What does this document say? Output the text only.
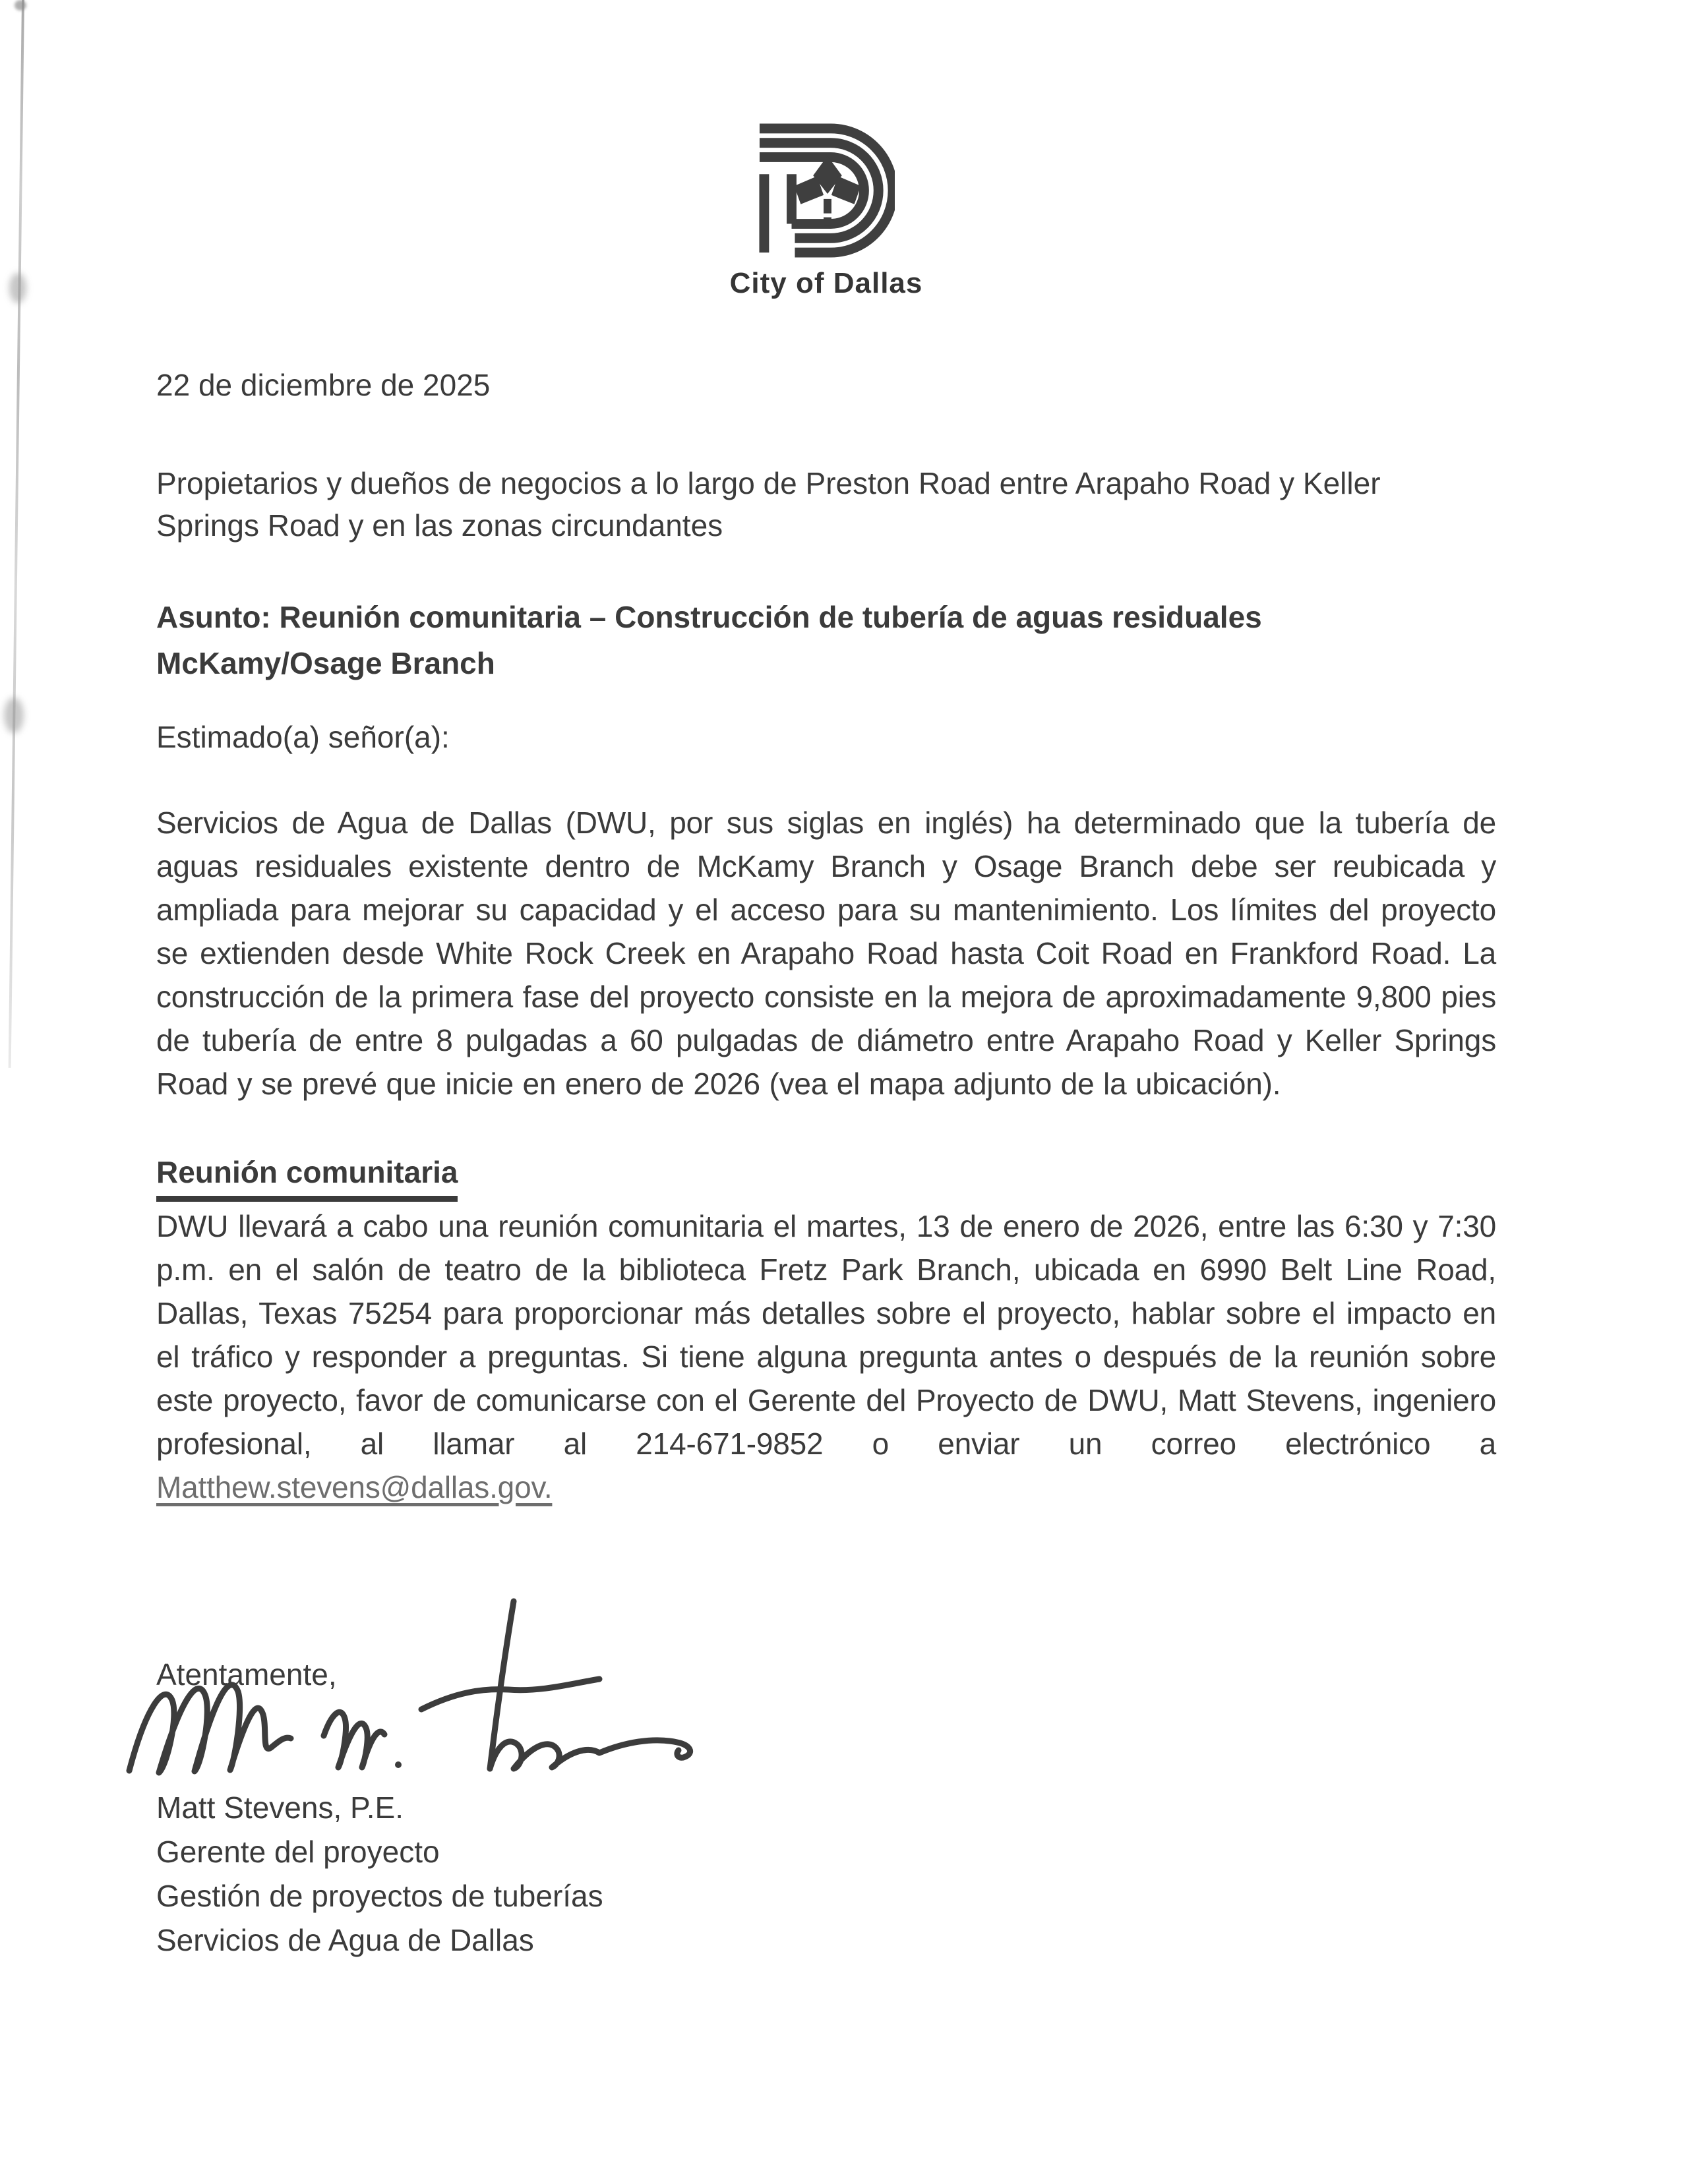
City of Dallas
22 de diciembre de 2025
Propietarios y dueños de negocios a lo largo de Preston Road entre Arapaho Road y Keller
Springs Road y en las zonas circundantes
Asunto: Reunión comunitaria – Construcción de tubería de aguas residuales
McKamy/Osage Branch
Estimado(a) señor(a):

Servicios de Agua de Dallas (DWU, por sus siglas en inglés) ha determinado que la tubería de aguas residuales existente dentro de McKamy Branch y Osage Branch debe ser reubicada y ampliada para mejorar su capacidad y el acceso para su mantenimiento. Los límites del proyecto se extienden desde White Rock Creek en Arapaho Road hasta Coit Road en Frankford Road. La construcción de la primera fase del proyecto consiste en la mejora de aproximadamente 9,800 pies de tubería de entre 8 pulgadas a 60 pulgadas de diámetro entre Arapaho Road y Keller Springs Road y se prevé que inicie en enero de 2026 (vea el mapa adjunto de la ubicación).

Reunión comunitaria

DWU llevará a cabo una reunión comunitaria el martes, 13 de enero de 2026, entre las 6:30 y 7:30 p.m. en el salón de teatro de la biblioteca Fretz Park Branch, ubicada en 6990 Belt Line Road, Dallas, Texas 75254 para proporcionar más detalles sobre el proyecto, hablar sobre el impacto en el tráfico y responder a preguntas. Si tiene alguna pregunta antes o después de la reunión sobre este proyecto, favor de comunicarse con el Gerente del Proyecto de DWU, Matt Stevens, ingeniero profesional, al llamar al 214-671-9852 o enviar un correo electrónico a Matthew.stevens@dallas.gov.

Atentamente,
Matt Stevens, P.E.
Gerente del proyecto
Gestión de proyectos de tuberías
Servicios de Agua de Dallas
